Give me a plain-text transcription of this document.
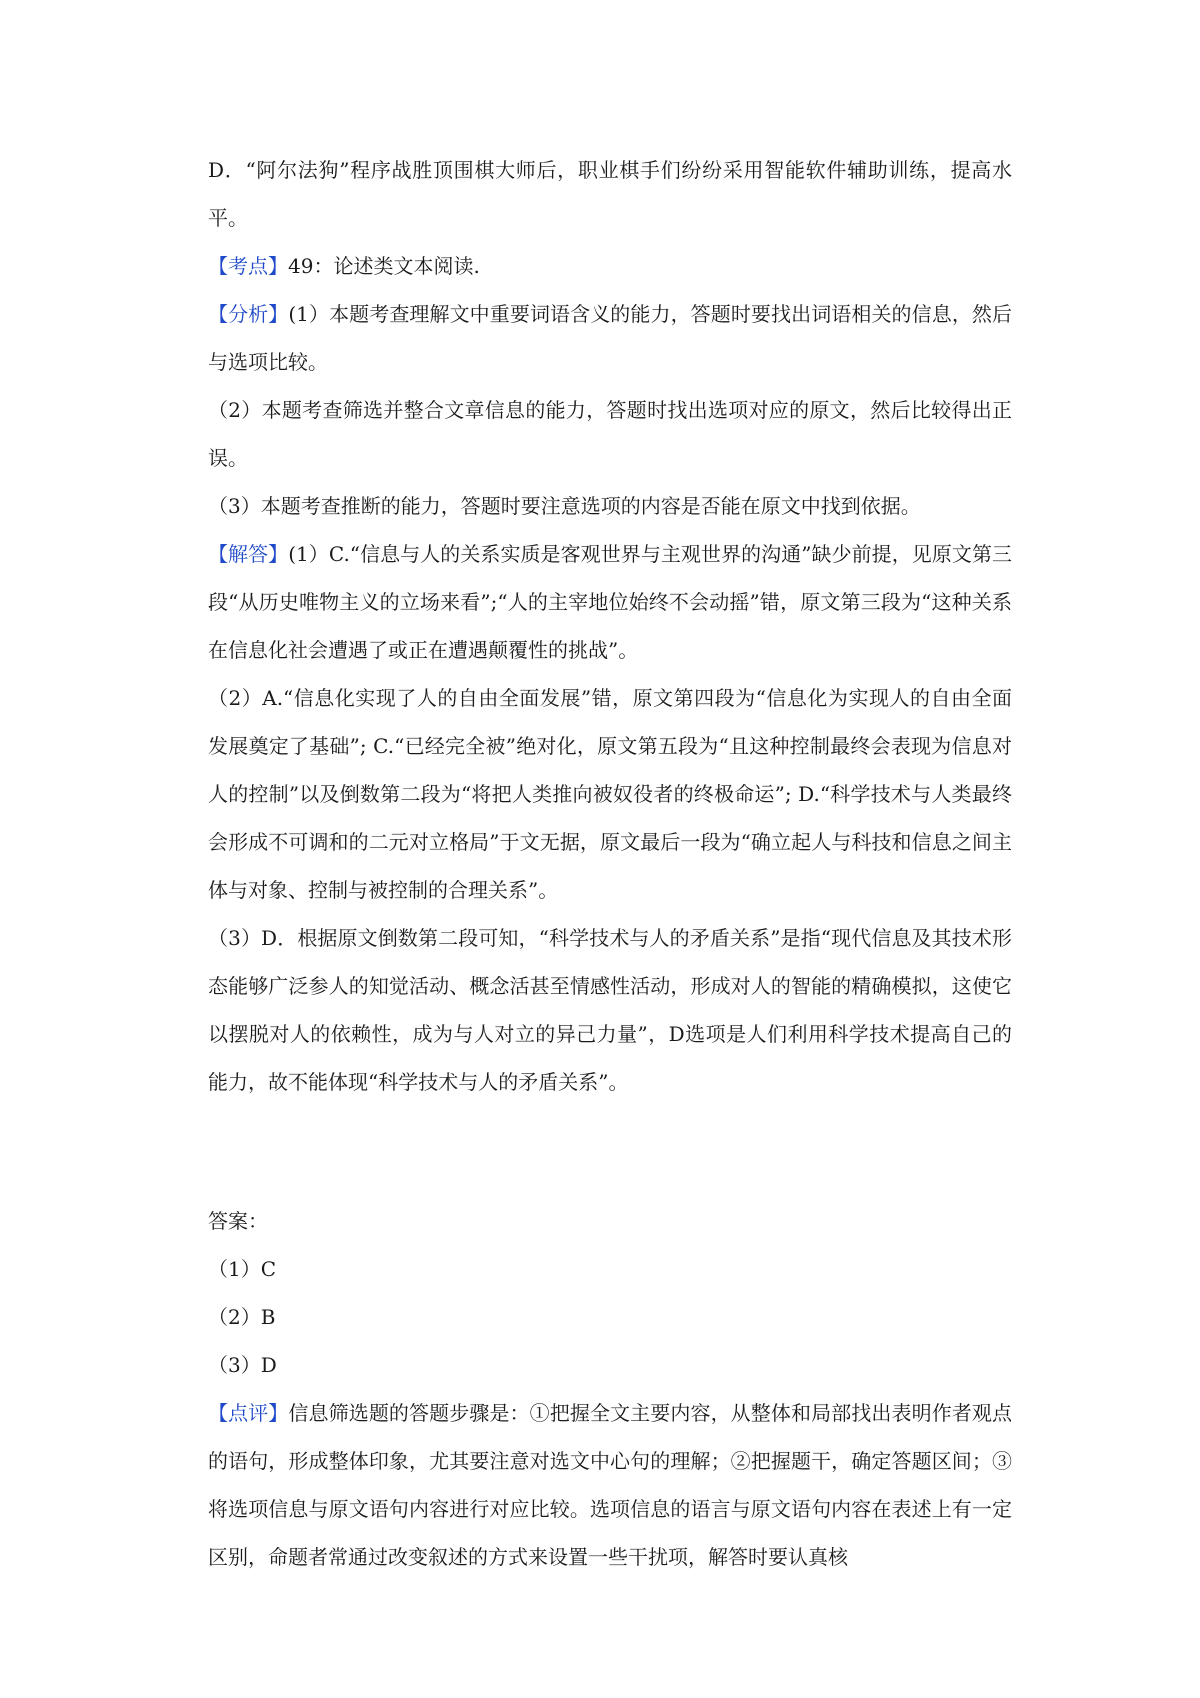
D．“阿尔法狗”程序战胜顶围棋大师后，职业棋手们纷纷采用智能软件辅助训练，提高水平。

【考点】49：论述类文本阅读.

【分析】(1）本题考查理解文中重要词语含义的能力，答题时要找出词语相关的信息，然后与选项比较。

（2）本题考查筛选并整合文章信息的能力，答题时找出选项对应的原文，然后比较得出正误。

（3）本题考查推断的能力，答题时要注意选项的内容是否能在原文中找到依据。

【解答】(1）C.“信息与人的关系实质是客观世界与主观世界的沟通”缺少前提，见原文第三段“从历史唯物主义的立场来看”;“人的主宰地位始终不会动摇”错，原文第三段为“这种关系在信息化社会遭遇了或正在遭遇颠覆性的挑战”。

（2）A.“信息化实现了人的自由全面发展”错，原文第四段为“信息化为实现人的自由全面发展奠定了基础”; C.“已经完全被”绝对化，原文第五段为“且这种控制最终会表现为信息对人的控制”以及倒数第二段为“将把人类推向被奴役者的终极命运”; D.“科学技术与人类最终会形成不可调和的二元对立格局”于文无据，原文最后一段为“确立起人与科技和信息之间主体与对象、控制与被控制的合理关系”。

（3）D．根据原文倒数第二段可知，“科学技术与人的矛盾关系”是指“现代信息及其技术形态能够广泛参人的知觉活动、概念活甚至情感性活动，形成对人的智能的精确模拟，这使它以摆脱对人的依赖性，成为与人对立的异己力量”，D选项是人们利用科学技术提高自己的能力，故不能体现“科学技术与人的矛盾关系”。

答案：

（1）C

（2）B

（3）D

【点评】信息筛选题的答题步骤是：①把握全文主要内容，从整体和局部找出表明作者观点的语句，形成整体印象，尤其要注意对选文中心句的理解；②把握题干，确定答题区间；③将选项信息与原文语句内容进行对应比较。选项信息的语言与原文语句内容在表述上有一定区别，命题者常通过改变叙述的方式来设置一些干扰项，解答时要认真核
